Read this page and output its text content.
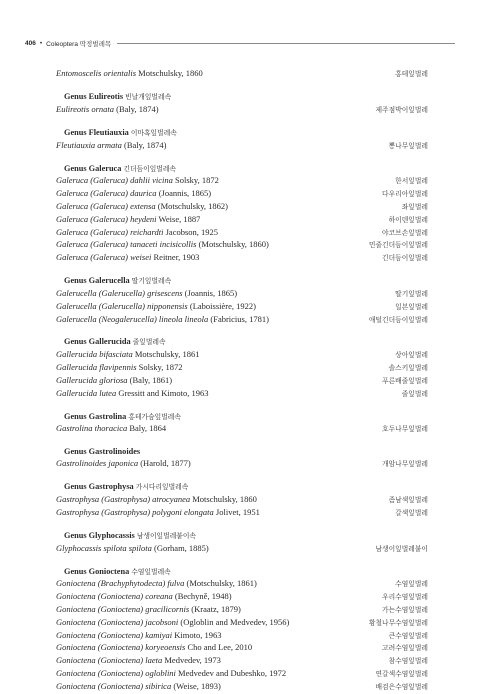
406 • Coleoptera 딱정벌레목
Entomoscelis orientalis Motschulsky, 1860	홍테잎벌레
Genus Eulireotis 빈날개잎벌레속
Eulireotis ornata (Baly, 1874)	제주점박이잎벌레
Genus Fleutiauxia 이마혹잎벌레속
Fleutiauxia armata (Baly, 1874)	뽕나무잎벌레
Genus Galeruca 긴더듬이잎벌레속
Galeruca (Galeruca) dahlii vicina Solsky, 1872	한서잎벌레
Galeruca (Galeruca) daurica (Joannis, 1865)	다우리아잎벌레
Galeruca (Galeruca) extensa (Motschulsky, 1862)	좌잎벌레
Galeruca (Galeruca) heydeni Weise, 1887	하이덴잎벌레
Galeruca (Galeruca) reichardti Jacobson, 1925	야코브손잎벌레
Galeruca (Galeruca) tanaceti incisicollis (Motschulsky, 1860)	민줄긴더듬이잎벌레
Galeruca (Galeruca) weisei Reitner, 1903	긴더듬이잎벌레
Genus Galerucella 딸기잎벌레속
Galerucella (Galerucella) grisescens (Joannis, 1865)	딸기잎벌레
Galerucella (Galerucella) nipponensis (Laboissière, 1922)	일본잎벌레
Galerucella (Neogalerucella) lineola lineola (Fabricius, 1781)	애털긴더듬이잎벌레
Genus Gallerucida 줄잎벌레속
Gallerucida bifasciata Motschulsky, 1861	상아잎벌레
Gallerucida flavipennis Solsky, 1872	솔스키잎벌레
Gallerucida gloriosa (Baly, 1861)	푸른배줄잎벌레
Gallerucida lutea Gressitt and Kimoto, 1963	줄잎벌레
Genus Gastrolina 홍테가슴잎벌레속
Gastrolina thoracica Baly, 1864	호두나무잎벌레
Genus Gastrolinoides
Gastrolinoides japonica (Harold, 1877)	개암나무잎벌레
Genus Gastrophysa 가시다리잎벌레속
Gastrophysa (Gastrophysa) atrocyanea Motschulsky, 1860	좀남색잎벌레
Gastrophysa (Gastrophysa) polygoni elongata Jolivet, 1951	갈색잎벌레
Genus Glyphocassis 남생이잎벌레붙이속
Glyphocassis spilota spilota (Gorham, 1885)	남생이잎벌레붙이
Genus Gonioctena 수염잎벌레속
Gonioctena (Brachyphytodecta) fulva (Motschulsky, 1861)	수염잎벌레
Gonioctena (Gonioctena) coreana (Bechyně, 1948)	우리수염잎벌레
Gonioctena (Gonioctena) gracilicornis (Kraatz, 1879)	가는수염잎벌레
Gonioctena (Gonioctena) jacobsoni (Ogloblin and Medvedev, 1956)	황철나무수염잎벌레
Gonioctena (Gonioctena) kamiyai Kimoto, 1963	큰수염잎벌레
Gonioctena (Gonioctena) koryeoensis Cho and Lee, 2010	고려수염잎벌레
Gonioctena (Gonioctena) laeta Medvedev, 1973	참수염잎벌레
Gonioctena (Gonioctena) ogloblini Medvedev and Dubeshko, 1972	연갈색수염잎벌레
Gonioctena (Gonioctena) sibirica (Weise, 1893)	배검은수염잎벌레
